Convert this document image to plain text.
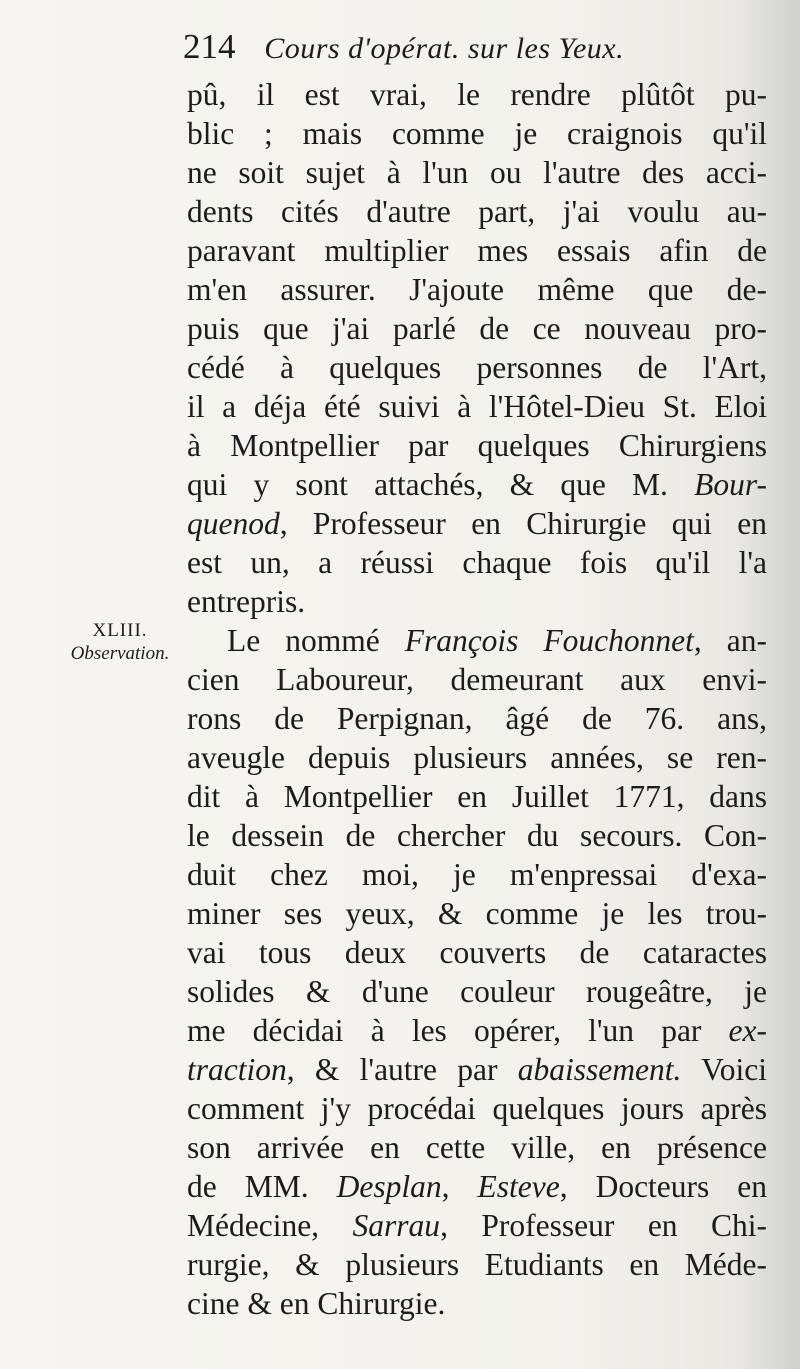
214 Cours d'opérat. sur les Yeux.
XLIII.
Observation.
pû, il est vrai, le rendre plûtôt pu-
blic ; mais comme je craignois qu'il
ne soit sujet à l'un ou l'autre des acci-
dents cités d'autre part, j'ai voulu au-
paravant multiplier mes essais afin de
m'en assurer. J'ajoute même que de-
puis que j'ai parlé de ce nouveau pro-
cédé à quelques personnes de l'Art,
il a déja été suivi à l'Hôtel-Dieu St. Eloi
à Montpellier par quelques Chirurgiens
qui y sont attachés, & que M. Bour-
quenod, Professeur en Chirurgie qui en
est un, a réussi chaque fois qu'il l'a
entrepris.
Le nommé François Fouchonnet, an-
cien Laboureur, demeurant aux envi-
rons de Perpignan, âgé de 76. ans,
aveugle depuis plusieurs années, se ren-
dit à Montpellier en Juillet 1771, dans
le dessein de chercher du secours. Con-
duit chez moi, je m'enpressai d'exa-
miner ses yeux, & comme je les trou-
vai tous deux couverts de cataractes
solides & d'une couleur rougeâtre, je
me décidai à les opérer, l'un par ex-
traction, & l'autre par abaissement. Voici
comment j'y procédai quelques jours après
son arrivée en cette ville, en présence
de MM. Desplan, Esteve, Docteurs en
Médecine, Sarrau, Professeur en Chi-
rurgie, & plusieurs Etudiants en Méde-
cine & en Chirurgie.
